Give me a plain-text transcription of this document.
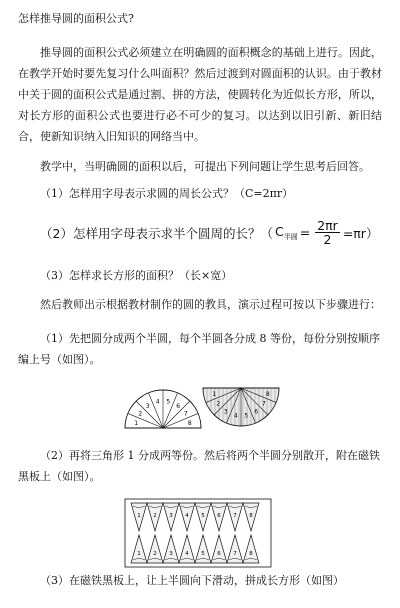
怎样推导圆的面积公式?
推导圆的面积公式必须建立在明确圆的面积概念的基础上进行。因此，在教学开始时要先复习什么叫面积？然后过渡到对圆面积的认识。由于教材中关于圆的面积公式是通过割、拼的方法，使圆转化为近似长方形，所以，对长方形的面积公式也要进行必不可少的复习。以达到以旧引新、新旧结合，使新知识纳入旧知识的网络当中。
教学中，当明确圆的面积以后，可提出下列问题让学生思考后回答。
（1）怎样用字母表示求圆的周长公式？（C=2πr）
（2）怎样用字母表示求半个圆周的长？（ $C_{半圆} = \frac{2\pi r}{2} =\pi r$）
（3）怎样求长方形的面积？（长×宽）
然后教师出示根据教材制作的圆的教具，演示过程可按以下步骤进行：
（1）先把圆分成两个半圆，每个半圆各分成 8 等份，每份分别按顺序编上号（如图）。
1
2
3
4 5
6
7
8
1
2
3
4 5
6
7
8
（2）再将三角形 1 分成两等份。然后将两个半圆分别散开，附在磁铁黑板上（如图）。
1 2 3 4 5 6 7 8
1 2 3 4 5 6 7 8
（3）在磁铁黑板上，让上半圆向下滑动，拼成长方形（如图）
